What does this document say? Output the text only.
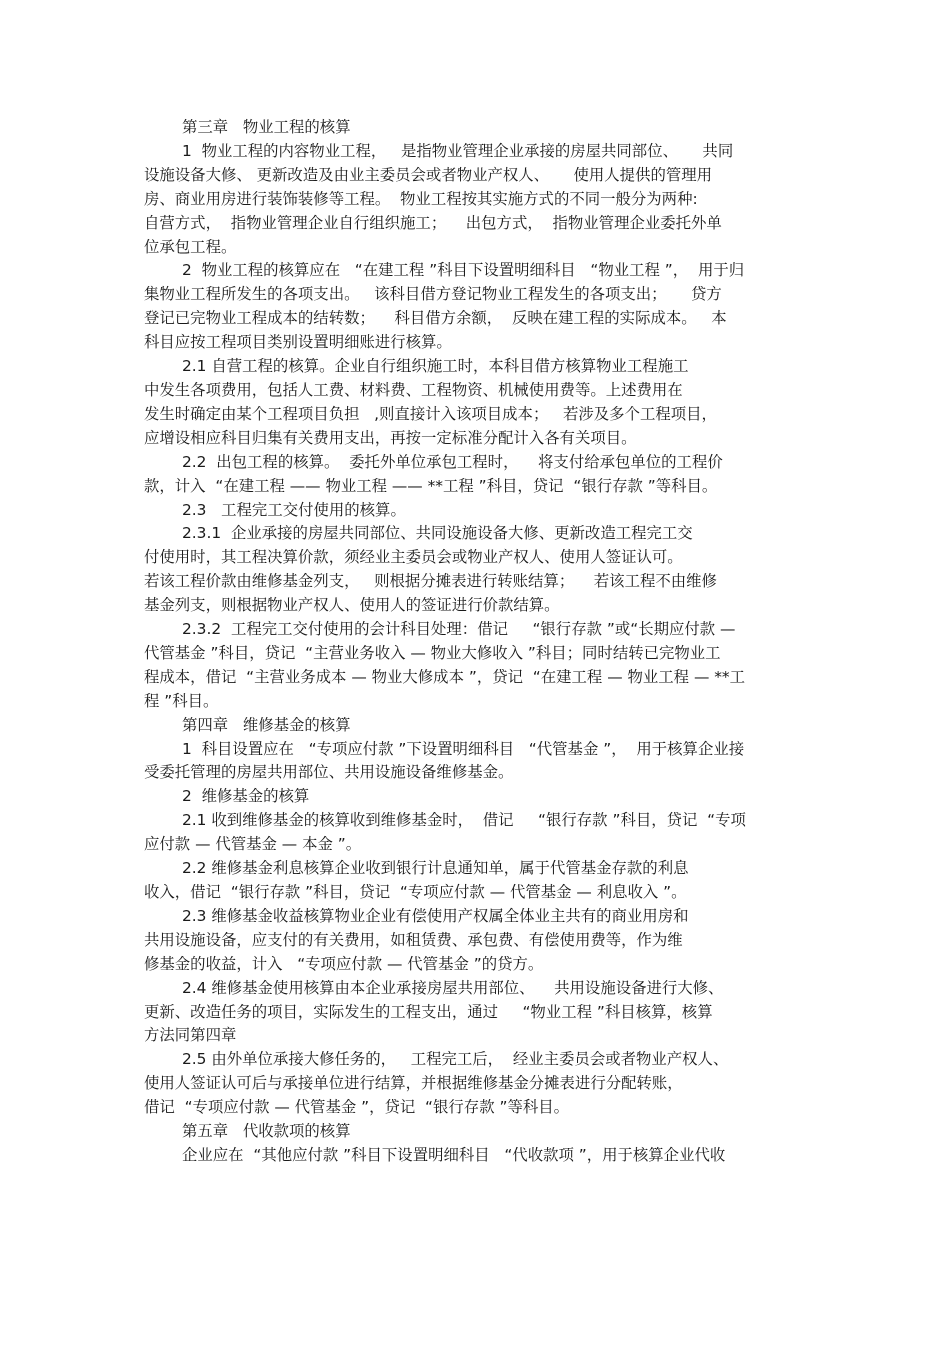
第三章   物业工程的核算

1  物业工程的内容物业工程，   是指物业管理企业承接的房屋共同部位、     共同

设施设备大修、 更新改造及由业主委员会或者物业产权人、     使用人提供的管理用

房、商业用房进行装饰装修等工程。  物业工程按其实施方式的不同一般分为两种:

自营方式，  指物业管理企业自行组织施工；    出包方式，  指物业管理企业委托外单

位承包工程。

2  物业工程的核算应在   “在建工程 ”科目下设置明细科目   “物业工程 ”，  用于归

集物业工程所发生的各项支出。   该科目借方登记物业工程发生的各项支出；     贷方

登记已完物业工程成本的结转数；    科目借方余额，  反映在建工程的实际成本。   本

科目应按工程项目类别设置明细账进行核算。

2.1 自营工程的核算。企业自行组织施工时，本科目借方核算物业工程施工

中发生各项费用，包括人工费、材料费、工程物资、机械使用费等。上述费用在

发生时确定由某个工程项目负担   ,则直接计入该项目成本；   若涉及多个工程项目，

应增设相应科目归集有关费用支出，再按一定标准分配计入各有关项目。

2.2  出包工程的核算。  委托外单位承包工程时，    将支付给承包单位的工程价

款，计入  “在建工程 —— 物业工程 —— **工程 ”科目，贷记  “银行存款 ”等科目。

2.3   工程完工交付使用的核算。

2.3.1  企业承接的房屋共同部位、共同设施设备大修、更新改造工程完工交

付使用时，其工程决算价款，须经业主委员会或物业产权人、使用人签证认可。

若该工程价款由维修基金列支，   则根据分摊表进行转账结算；    若该工程不由维修

基金列支，则根据物业产权人、使用人的签证进行价款结算。

2.3.2  工程完工交付使用的会计科目处理：借记     “银行存款 ”或“长期应付款 —

代管基金 ”科目，贷记  “主营业务收入 — 物业大修收入 ”科目；同时结转已完物业工

程成本，借记  “主营业务成本 — 物业大修成本 ”，贷记  “在建工程 — 物业工程 — **工

程 ”科目。

第四章   维修基金的核算

1  科目设置应在   “专项应付款 ”下设置明细科目   “代管基金 ”，  用于核算企业接

受委托管理的房屋共用部位、共用设施设备维修基金。

2  维修基金的核算

2.1 收到维修基金的核算收到维修基金时，  借记     “银行存款 ”科目，贷记  “专项

应付款 — 代管基金 — 本金 ”。

2.2 维修基金利息核算企业收到银行计息通知单，属于代管基金存款的利息

收入，借记  “银行存款 ”科目，贷记  “专项应付款 — 代管基金 — 利息收入 ”。

2.3 维修基金收益核算物业企业有偿使用产权属全体业主共有的商业用房和

共用设施设备，应支付的有关费用，如租赁费、承包费、有偿使用费等，作为维

修基金的收益，计入   “专项应付款 — 代管基金 ”的贷方。

2.4 维修基金使用核算由本企业承接房屋共用部位、    共用设施设备进行大修、

更新、改造任务的项目，实际发生的工程支出，通过     “物业工程 ”科目核算，核算

方法同第四章

2.5 由外单位承接大修任务的，   工程完工后，  经业主委员会或者物业产权人、

使用人签证认可后与承接单位进行结算，并根据维修基金分摊表进行分配转账，

借记  “专项应付款 — 代管基金 ”，贷记  “银行存款 ”等科目。

第五章   代收款项的核算

企业应在  “其他应付款 ”科目下设置明细科目   “代收款项 ”，用于核算企业代收
